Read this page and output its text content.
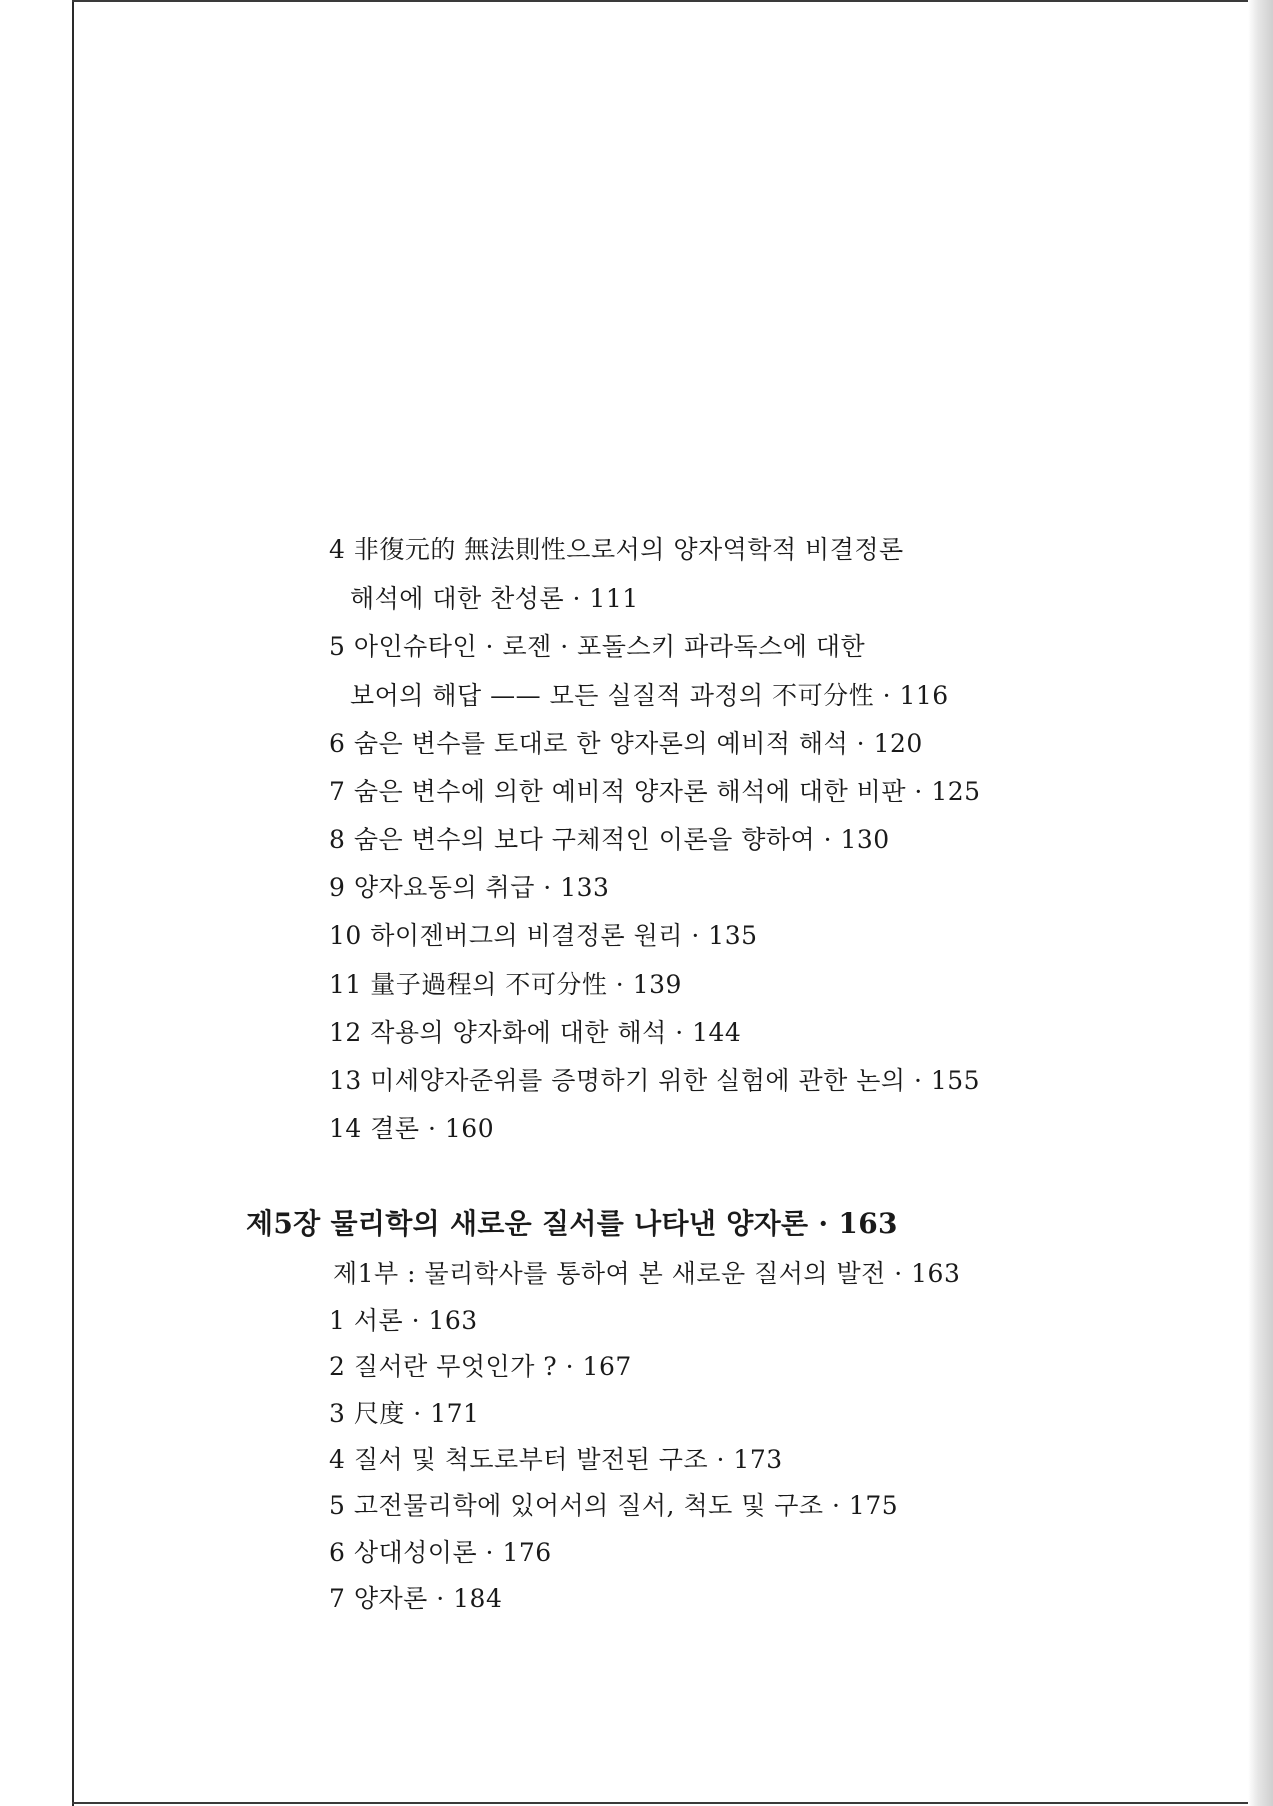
4 非復元的 無法則性으로서의 양자역학적 비결정론
해석에 대한 찬성론 · 111
5 아인슈타인 · 로젠 · 포돌스키 파라독스에 대한
보어의 해답 —— 모든 실질적 과정의 不可分性 · 116
6 숨은 변수를 토대로 한 양자론의 예비적 해석 · 120
7 숨은 변수에 의한 예비적 양자론 해석에 대한 비판 · 125
8 숨은 변수의 보다 구체적인 이론을 향하여 · 130
9 양자요동의 취급 · 133
10 하이젠버그의 비결정론 원리 · 135
11 量子過程의 不可分性 · 139
12 작용의 양자화에 대한 해석 · 144
13 미세양자준위를 증명하기 위한 실험에 관한 논의 · 155
14 결론 · 160
제5장 물리학의 새로운 질서를 나타낸 양자론 · 163
제1부 : 물리학사를 통하여 본 새로운 질서의 발전 · 163
1 서론 · 163
2 질서란 무엇인가 ? · 167
3 尺度 · 171
4 질서 및 척도로부터 발전된 구조 · 173
5 고전물리학에 있어서의 질서, 척도 및 구조 · 175
6 상대성이론 · 176
7 양자론 · 184
